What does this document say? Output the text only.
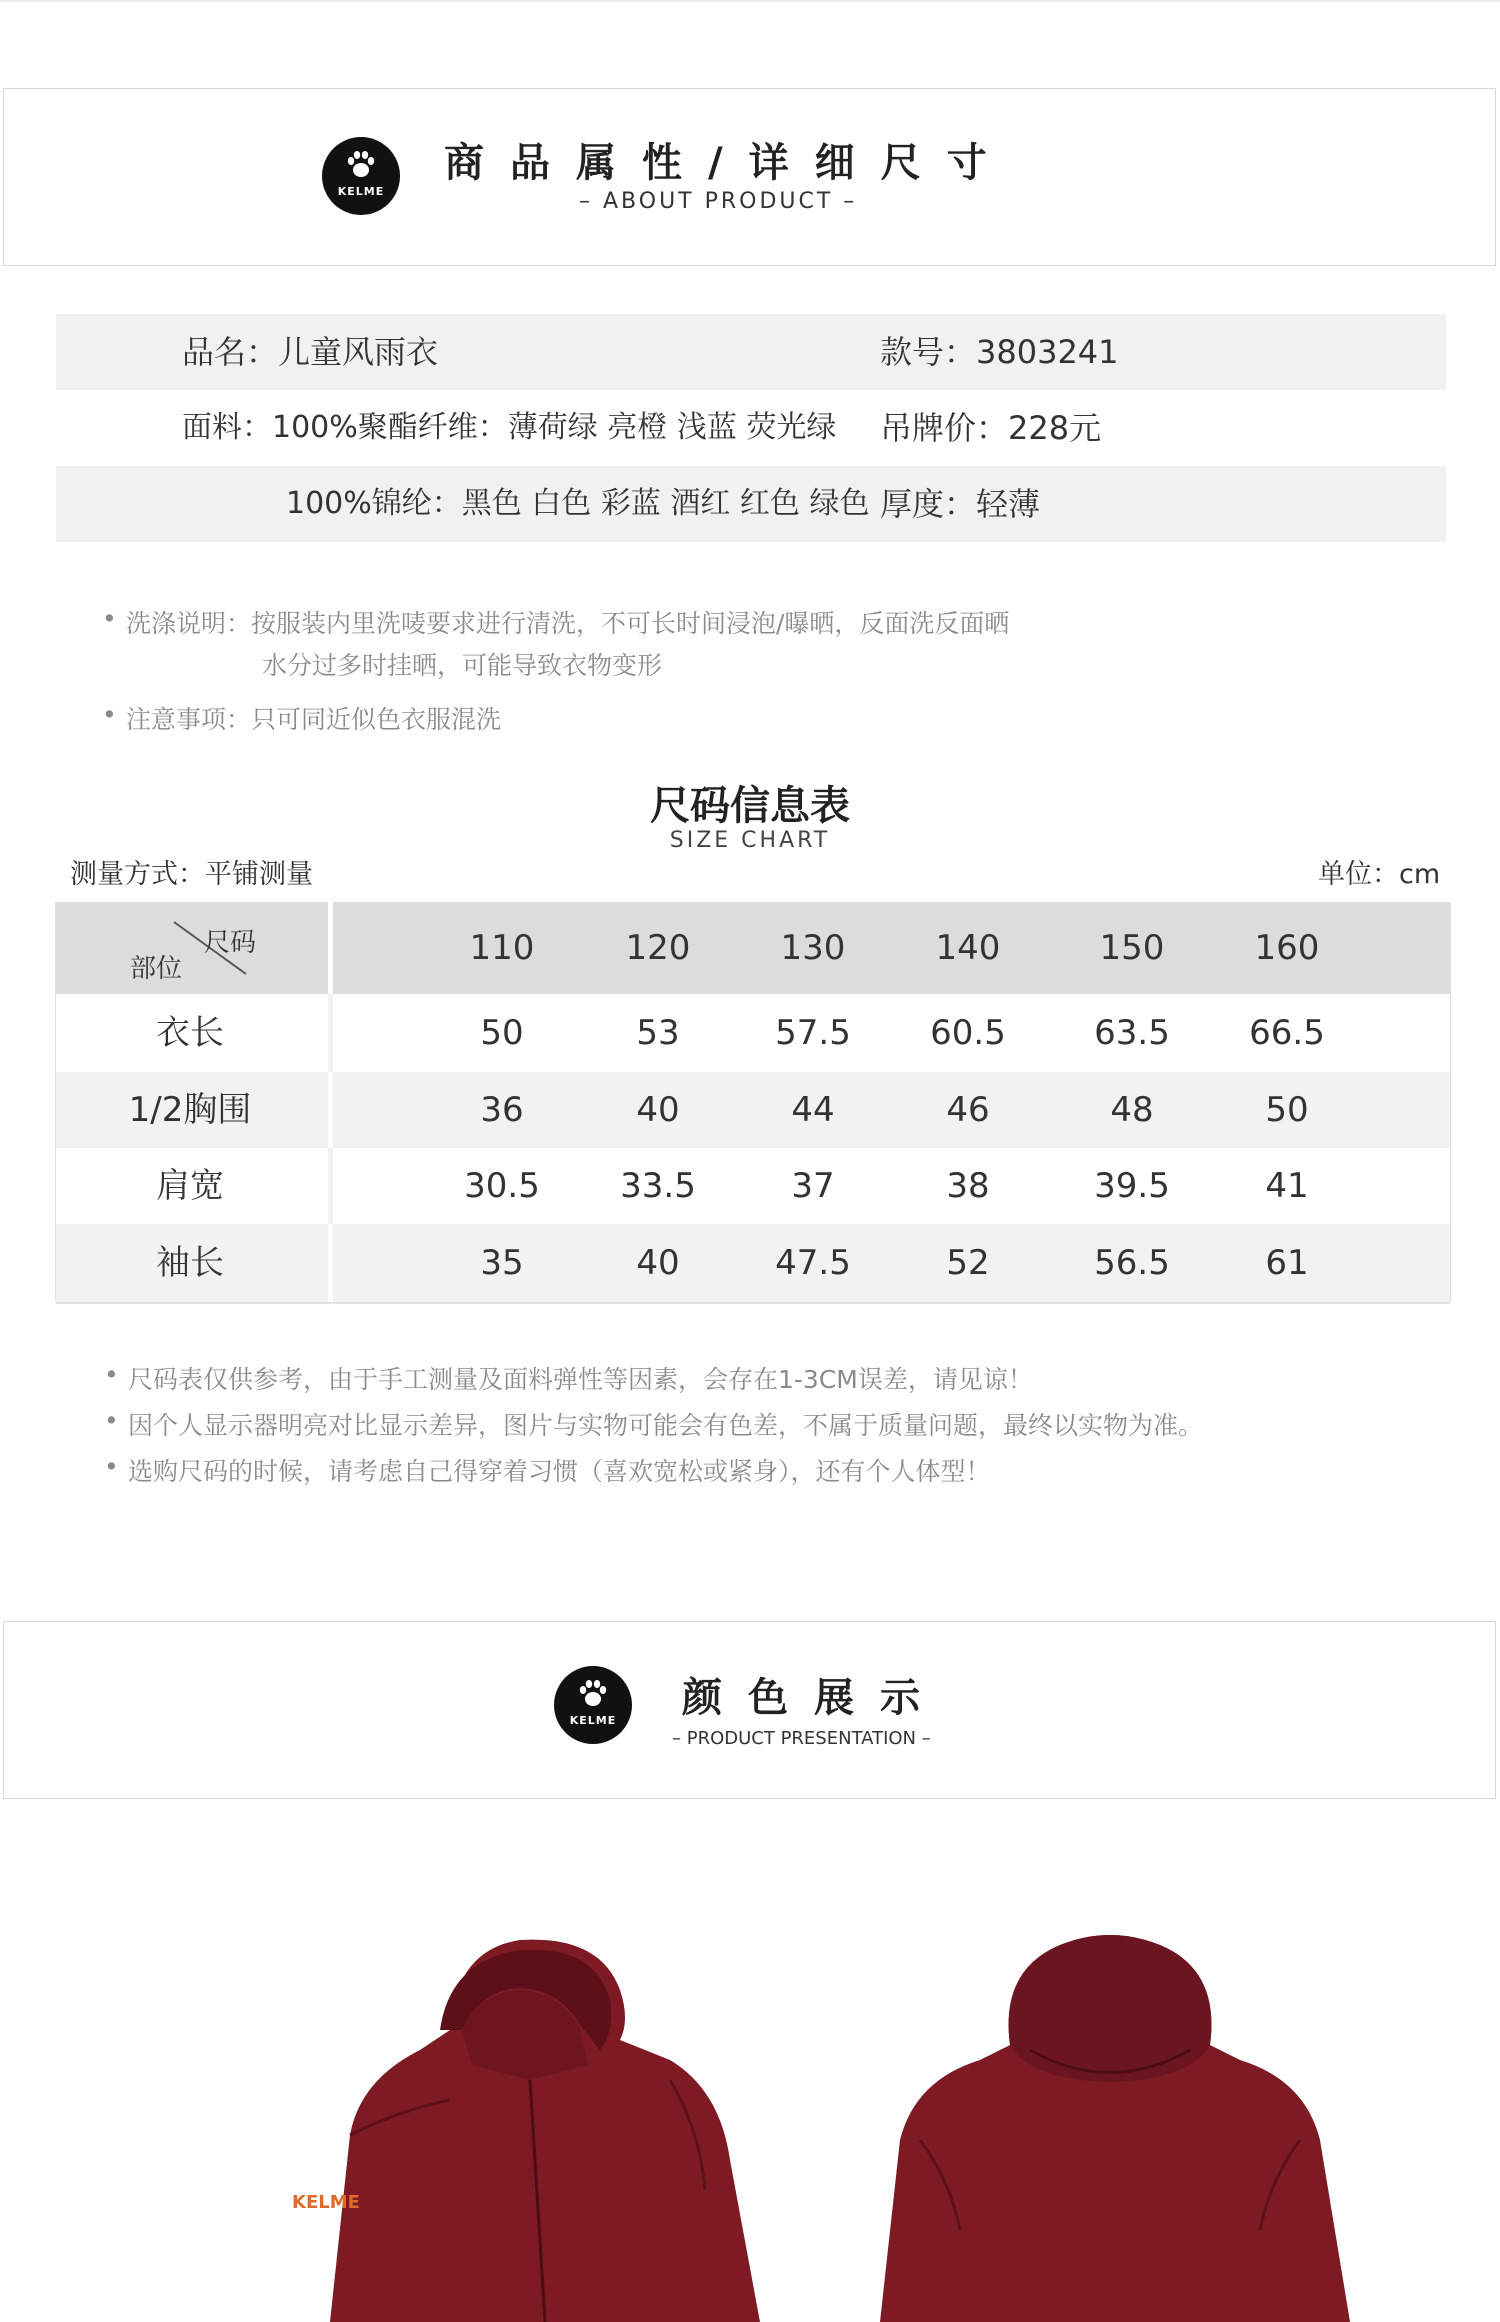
KELME
商品属性/详细尺寸
– ABOUT PRODUCT –
品名：儿童风雨衣	款号：3803241
面料：100%聚酯纤维：薄荷绿 亮橙 浅蓝 荧光绿 吊牌价：228元
100%锦纶：黑色 白色 彩蓝 酒红 红色 绿色 厚度：轻薄
• 洗涤说明：按服装内里洗唛要求进行清洗，不可长时间浸泡/曝晒，反面洗反面晒
水分过多时挂晒，可能导致衣物变形
• 注意事项：只可同近似色衣服混洗
尺码信息表
SIZE CHART
测量方式：平铺测量	单位：cm
尺码
部位
110	120	130	140	150	160
衣长	50	53	57.5	60.5	63.5	66.5
1/2胸围	36	40	44	46	48	50
肩宽	30.5	33.5	37	38	39.5	41
袖长	35	40	47.5	52	56.5	61
• 尺码表仅供参考，由于手工测量及面料弹性等因素，会存在1-3CM误差，请见谅！
• 因个人显示器明亮对比显示差异，图片与实物可能会有色差，不属于质量问题，最终以实物为准。
• 选购尺码的时候，请考虑自己得穿着习惯（喜欢宽松或紧身），还有个人体型！
KELME	颜色展示
– PRODUCT PRESENTATION –
KELME
